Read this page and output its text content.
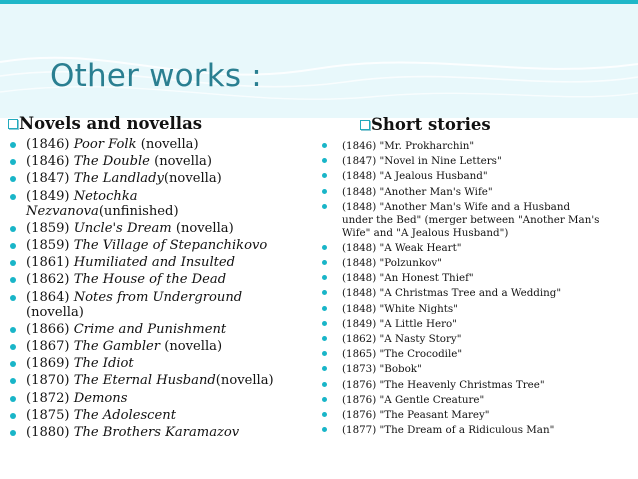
Other works :
Novels and novellas
(1846) Poor Folk (novella)
(1846) The Double (novella)
(1847) The Landlady(novella)
(1849) Netochka
Nezvanova(unfinished)
(1859) Uncle's Dream (novella)
(1859) The Village of Stepanchikovo
(1861) Humiliated and Insulted
(1862) The House of the Dead
(1864) Notes from Underground
(novella)
(1866) Crime and Punishment
(1867) The Gambler (novella)
(1869) The Idiot
(1870) The Eternal Husband(novella)
(1872) Demons
(1875) The Adolescent
(1880) The Brothers Karamazov
Short stories
(1846) "Mr. Prokharchin"
(1847) "Novel in Nine Letters"
(1848) "A Jealous Husband"
(1848) "Another Man's Wife"
(1848) "Another Man's Wife and a Husband
under the Bed" (merger between "Another Man's
Wife" and "A Jealous Husband")
(1848) "A Weak Heart"
(1848) "Polzunkov"
(1848) "An Honest Thief"
(1848) "A Christmas Tree and a Wedding"
(1848) "White Nights"
(1849) "A Little Hero"
(1862) "A Nasty Story"
(1865) "The Crocodile"
(1873) "Bobok"
(1876) "The Heavenly Christmas Tree"
(1876) "A Gentle Creature"
(1876) "The Peasant Marey"
(1877) "The Dream of a Ridiculous Man"
